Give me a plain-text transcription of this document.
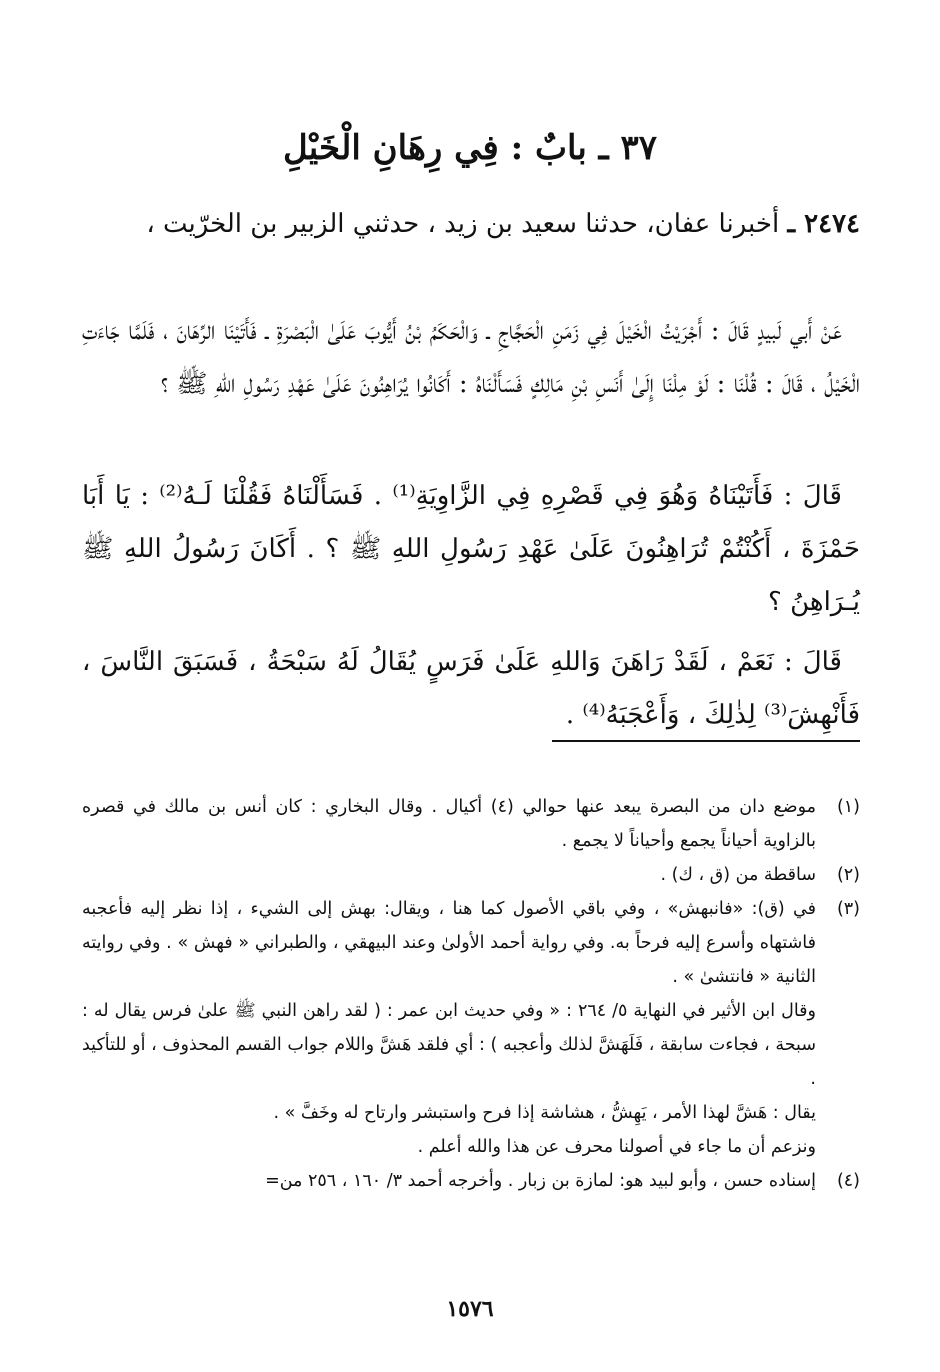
٣٧ ـ بابٌ : فِي رِهَانِ الْخَيْلِ
٢٤٧٤ ـ أخبرنا عفان، حدثنا سعيد بن زيد ، حدثني الزبير بن الخرّيت ،
عَنْ أَبي لَبيدٍ قَالَ : أَجْرَيْتُ الْخَيْلَ فِي زَمَنِ الْحَجَّاجِ ـ وَالْحَكَمُ بْنُ أَيُّوبَ عَلَىٰ الْبَصْرَةِ ـ فَأَتَيْنَا الرِّهَانَ ، فَلَمَّا جَاءَتِ الْخَيْلُ ، قَالَ : قُلْنَا : لَوْ مِلْنَا إِلَىٰ أَنَسِ بْنِ مَالِكٍ فَسَأَلْنَاهُ : أَكَانُوا يُرَاهِنُونَ عَلَىٰ عَهْدِ رَسُولِ اللهِ ﷺ ؟
قَالَ : فَأَتَيْنَاهُ وَهُوَ فِي قَصْرِهِ فِي الزَّاوِيَةِ⁽¹⁾ . فَسَأَلْنَاهُ فَقُلْنَا لَـهُ⁽²⁾ : يَا أَبَا حَمْزَةَ ، أَكُنْتُمْ تُرَاهِنُونَ عَلَىٰ عَهْدِ رَسُولِ اللهِ ﷺ ؟ . أَكَانَ رَسُولُ اللهِ ﷺ يُـرَاهِنُ ؟
قَالَ : نَعَمْ ، لَقَدْ رَاهَنَ وَاللهِ عَلَىٰ فَرَسٍ يُقَالُ لَهُ سَبْحَةُ ، فَسَبَقَ النَّاسَ ، فَأَنْهِشَ⁽³⁾ لِذٰلِكَ ، وَأَعْجَبَهُ⁽⁴⁾ .
(١)
موضع دان من البصرة يبعد عنها حوالي (٤) أكيال . وقال البخاري : كان أنس بن مالك في قصره بالزاوية أحياناً يجمع وأحياناً لا يجمع .
(٢)
ساقطة من (ق ، ك) .
(٣)
في (ق): «فانبهش» ، وفي باقي الأصول كما هنا ، ويقال: بهش إلى الشيء ، إذا نظر إليه فأعجبه فاشتهاه وأسرع إليه فرحاً به. وفي رواية أحمد الأولىٰ وعند البيهقي ، والطبراني « فهش » . وفي روايته الثانية « فانتشىٰ » .
وقال ابن الأثير في النهاية ٥/ ٢٦٤ : « وفي حديث ابن عمر : ( لقد راهن النبي ﷺ علىٰ فرس يقال له : سبحة ، فجاءت سابقة ، فَلَهَشَّ لذلك وأعجبه ) : أي فلقد هَشَّ واللام جواب القسم المحذوف ، أو للتأكيد .
يقال : هَشَّ لهذا الأمر ، يَهِشُّ ، هشاشة إذا فرح واستبشر وارتاح له وخَفَّ » .
ونزعم أن ما جاء في أصولنا محرف عن هذا والله أعلم .
(٤)
إسناده حسن ، وأبو لبيد هو: لمازة بن زبار . وأخرجه أحمد ٣/ ١٦٠ ، ٢٥٦ من=
١٥٧٦
